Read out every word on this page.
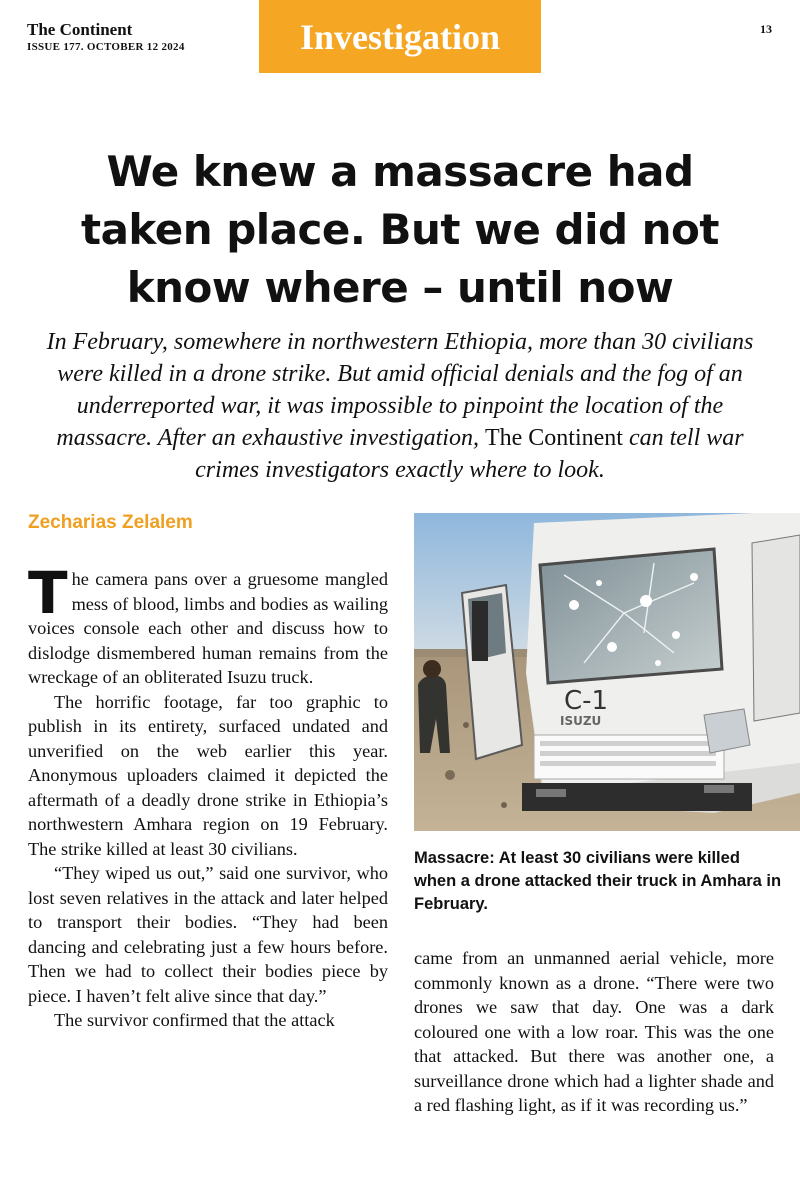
The Continent
ISSUE 177. OCTOBER 12 2024	Investigation	13
We knew a massacre had taken place. But we did not know where – until now

In February, somewhere in northwestern Ethiopia, more than 30 civilians were killed in a drone strike. But amid official denials and the fog of an underreported war, it was impossible to pinpoint the location of the massacre. After an exhaustive investigation, The Continent can tell war crimes investigators exactly where to look.

Zecharias Zelalem

The camera pans over a gruesome mangled mess of blood, limbs and bodies as wailing voices console each other and discuss how to dislodge dismembered human remains from the wreckage of an obliterated Isuzu truck.

The horrific footage, far too graphic to publish in its entirety, surfaced undated and unverified on the web earlier this year. Anonymous uploaders claimed it depicted the aftermath of a deadly drone strike in Ethiopia’s northwestern Amhara region on 19 February. The strike killed at least 30 civilians.

“They wiped us out,” said one survivor, who lost seven relatives in the attack and later helped to transport their bodies. “They had been dancing and celebrating just a few hours before. Then we had to collect their bodies piece by piece. I haven’t felt alive since that day.”

The survivor confirmed that the attack

C-1
ISUZU

Massacre: At least 30 civilians were killed when a drone attacked their truck in Amhara in February.

came from an unmanned aerial vehicle, more commonly known as a drone. “There were two drones we saw that day. One was a dark coloured one with a low roar. This was the one that attacked. But there was another one, a surveillance drone which had a lighter shade and a red flashing light, as if it was recording us.”
